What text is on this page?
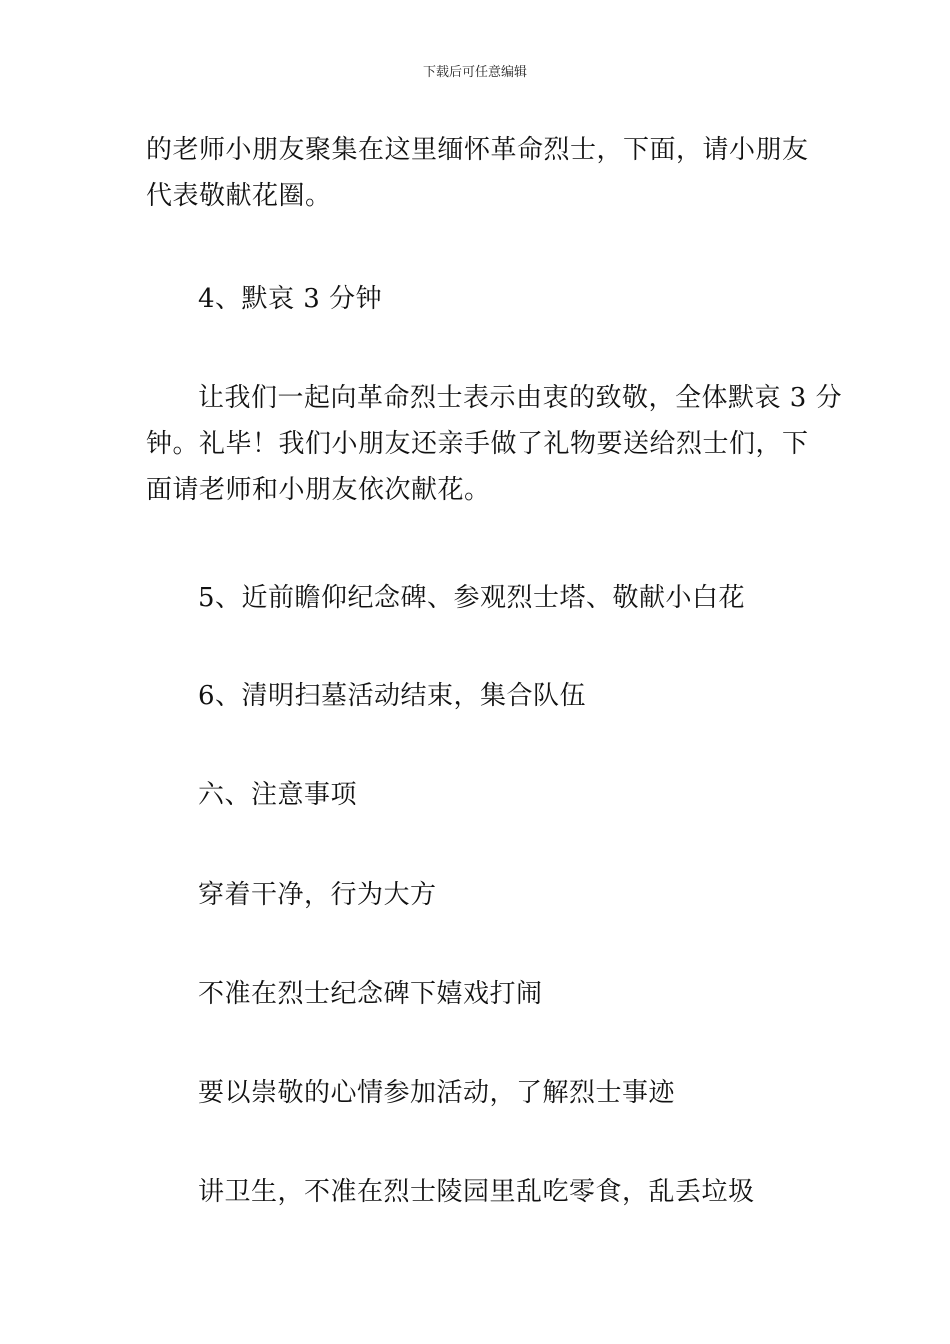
下载后可任意编辑
的老师小朋友聚集在这里缅怀革命烈士，下面，请小朋友
代表敬献花圈。
4、默哀 3 分钟
让我们一起向革命烈士表示由衷的致敬，全体默哀 3 分
钟。礼毕！我们小朋友还亲手做了礼物要送给烈士们，下
面请老师和小朋友依次献花。
5、近前瞻仰纪念碑、参观烈士塔、敬献小白花
6、清明扫墓活动结束，集合队伍
六、注意事项
穿着干净，行为大方
不准在烈士纪念碑下嬉戏打闹
要以崇敬的心情参加活动，了解烈士事迹
讲卫生，不准在烈士陵园里乱吃零食，乱丢垃圾
